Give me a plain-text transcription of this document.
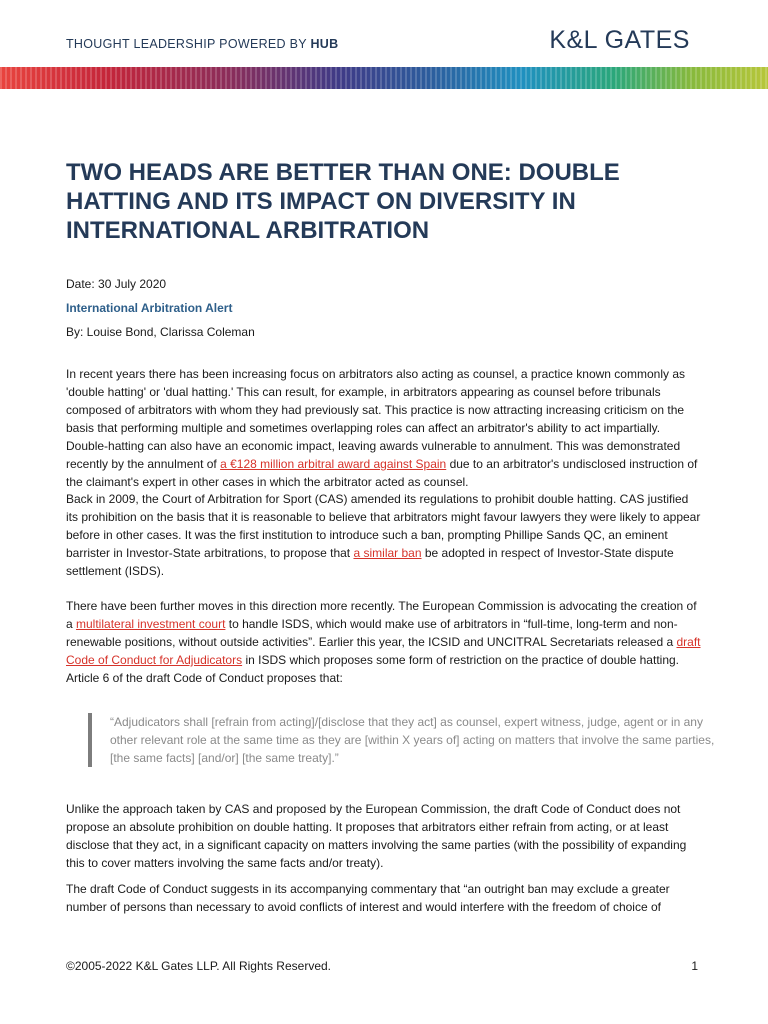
THOUGHT LEADERSHIP POWERED BY HUB	K&L GATES
TWO HEADS ARE BETTER THAN ONE: DOUBLE HATTING AND ITS IMPACT ON DIVERSITY IN INTERNATIONAL ARBITRATION
Date: 30 July 2020
International Arbitration Alert
By: Louise Bond, Clarissa Coleman

In recent years there has been increasing focus on arbitrators also acting as counsel, a practice known commonly as 'double hatting' or 'dual hatting.' This can result, for example, in arbitrators appearing as counsel before tribunals composed of arbitrators with whom they had previously sat. This practice is now attracting increasing criticism on the basis that performing multiple and sometimes overlapping roles can affect an arbitrator's ability to act impartially. Double-hatting can also have an economic impact, leaving awards vulnerable to annulment. This was demonstrated recently by the annulment of a €128 million arbitral award against Spain due to an arbitrator's undisclosed instruction of the claimant's expert in other cases in which the arbitrator acted as counsel.

Back in 2009, the Court of Arbitration for Sport (CAS) amended its regulations to prohibit double hatting. CAS justified its prohibition on the basis that it is reasonable to believe that arbitrators might favour lawyers they were likely to appear before in other cases. It was the first institution to introduce such a ban, prompting Phillipe Sands QC, an eminent barrister in Investor-State arbitrations, to propose that a similar ban be adopted in respect of Investor-State dispute settlement (ISDS).

There have been further moves in this direction more recently. The European Commission is advocating the creation of a multilateral investment court to handle ISDS, which would make use of arbitrators in “full-time, long-term and non-renewable positions, without outside activities”. Earlier this year, the ICSID and UNCITRAL Secretariats released a draft Code of Conduct for Adjudicators in ISDS which proposes some form of restriction on the practice of double hatting. Article 6 of the draft Code of Conduct proposes that:

“Adjudicators shall [refrain from acting]/[disclose that they act] as counsel, expert witness, judge, agent or in any other relevant role at the same time as they are [within X years of] acting on matters that involve the same parties, [the same facts] [and/or] [the same treaty].”

Unlike the approach taken by CAS and proposed by the European Commission, the draft Code of Conduct does not propose an absolute prohibition on double hatting. It proposes that arbitrators either refrain from acting, or at least disclose that they act, in a significant capacity on matters involving the same parties (with the possibility of expanding this to cover matters involving the same facts and/or treaty).

The draft Code of Conduct suggests in its accompanying commentary that “an outright ban may exclude a greater number of persons than necessary to avoid conflicts of interest and would interfere with the freedom of choice of

©2005-2022 K&L Gates LLP. All Rights Reserved.	1
